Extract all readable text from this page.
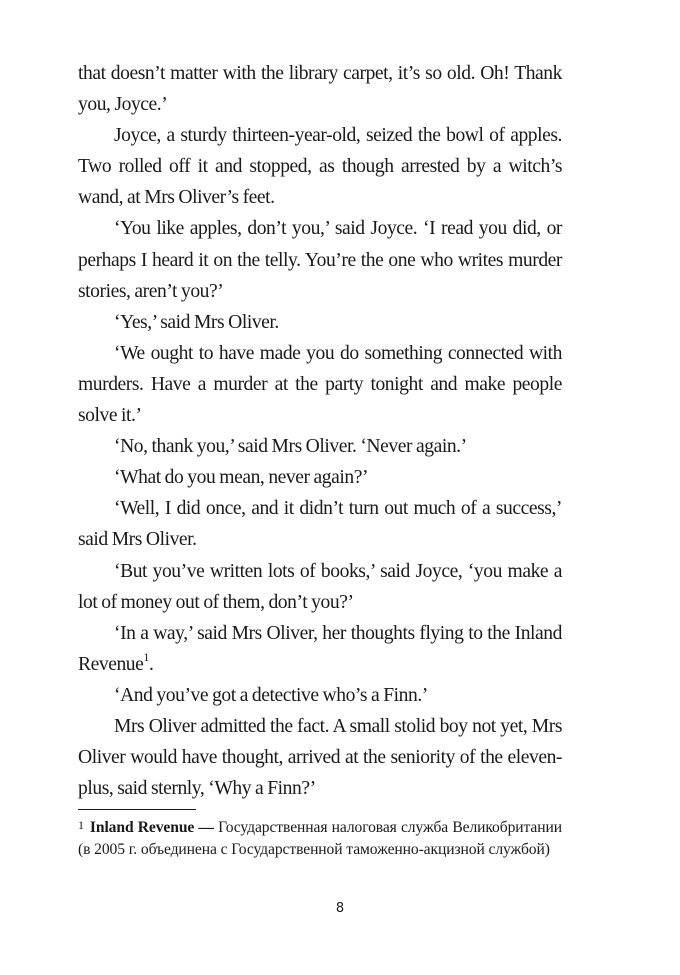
that doesn’t matter with the library carpet, it’s so old. Oh! Thank you, Joyce.’

Joyce, a sturdy thirteen-year-old, seized the bowl of apples. Two rolled off it and stopped, as though arrested by a witch’s wand, at Mrs Oliver’s feet.

‘You like apples, don’t you,’ said Joyce. ‘I read you did, or perhaps I heard it on the telly. You’re the one who writes murder stories, aren’t you?’

‘Yes,’ said Mrs Oliver.

‘We ought to have made you do something connected with murders. Have a murder at the party tonight and make people solve it.’

‘No, thank you,’ said Mrs Oliver. ‘Never again.’

‘What do you mean, never again?’

‘Well, I did once, and it didn’t turn out much of a success,’ said Mrs Oliver.

‘But you’ve written lots of books,’ said Joyce, ‘you make a lot of money out of them, don’t you?’

‘In a way,’ said Mrs Oliver, her thoughts flying to the Inland Revenue$^1$.

‘And you’ve got a detective who’s a Finn.’

Mrs Oliver admitted the fact. A small stolid boy not yet, Mrs Oliver would have thought, arrived at the seniority of the eleven-plus, said sternly, ‘Why a Finn?’

1 Inland Revenue — Государственная налоговая служба Великобритании (в 2005 г. объединена с Государственной таможенно-акцизной службой)
8
